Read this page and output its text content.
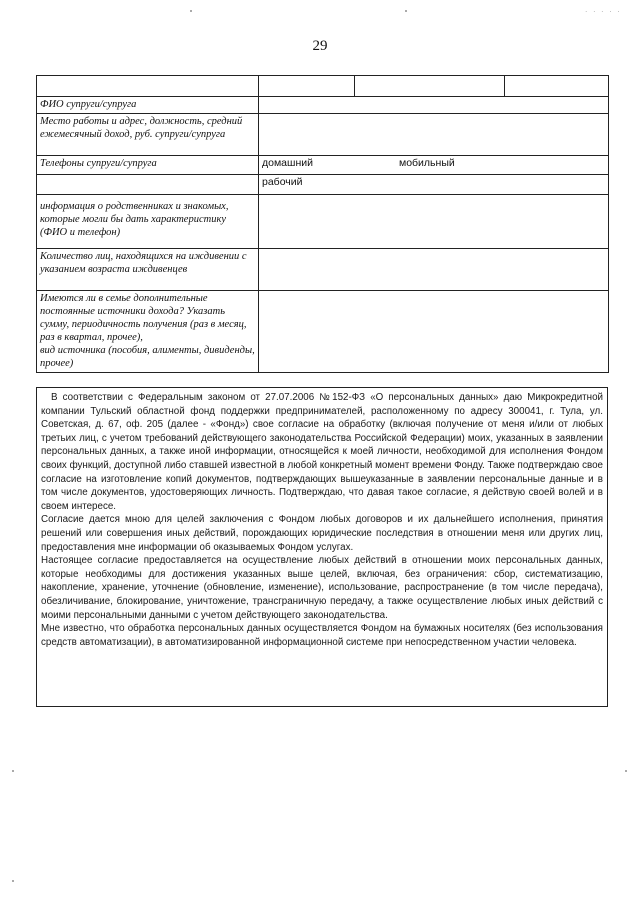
· · · · ·
29

ФИО супруги/супруга			
Место работы и адрес, должность, средний ежемесячный доход, руб. супруги/супруга			
Телефоны супруги/супруга	домашний мобильный		
	рабочий		
информация о родственниках и знакомых, которые могли бы дать характеристику (ФИО и телефон)			
Количество лиц, находящихся на иждивении с указанием возраста иждивенцев			
Имеются ли в семье дополнительные постоянные источники дохода? Указать сумму, периодичность получения (раз в месяц, раз в квартал, прочее),
вид источника (пособия, алименты, дивиденды, прочее)			

В соответствии с Федеральным законом от 27.07.2006 №152-ФЗ «О персональных данных» даю Микрокредитной компании Тульский областной фонд поддержки предпринимателей, расположенному по адресу 300041, г. Тула, ул. Советская, д. 67, оф. 205 (далее - «Фонд») свое согласие на обработку (включая получение от меня и/или от любых третьих лиц, с учетом требований действующего законодательства Российской Федерации) моих, указанных в заявлении персональных данных, а также иной информации, относящейся к моей личности, необходимой для исполнения Фондом своих функций, доступной либо ставшей известной в любой конкретный момент времени Фонду. Также подтверждаю свое согласие на изготовление копий документов, подтверждающих вышеуказанные в заявлении персональные данные и в том числе документов, удостоверяющих личность. Подтверждаю, что давая такое согласие, я действую своей волей и в своем интересе.

Согласие дается мною для целей заключения с Фондом любых договоров и их дальнейшего исполнения, принятия решений или совершения иных действий, порождающих юридические последствия в отношении меня или других лиц, предоставления мне информации об оказываемых Фондом услугах.

Настоящее согласие предоставляется на осуществление любых действий в отношении моих персональных данных, которые необходимы для достижения указанных выше целей, включая, без ограничения: сбор, систематизацию, накопление, хранение, уточнение (обновление, изменение), использование, распространение (в том числе передача), обезличивание, блокирование, уничтожение, трансграничную передачу, а также осуществление любых иных действий с моими персональными данными с учетом действующего законодательства.

Мне известно, что обработка персональных данных осуществляется Фондом на бумажных носителях (без использования средств автоматизации), в автоматизированной информационной системе при непосредственном участии человека.
